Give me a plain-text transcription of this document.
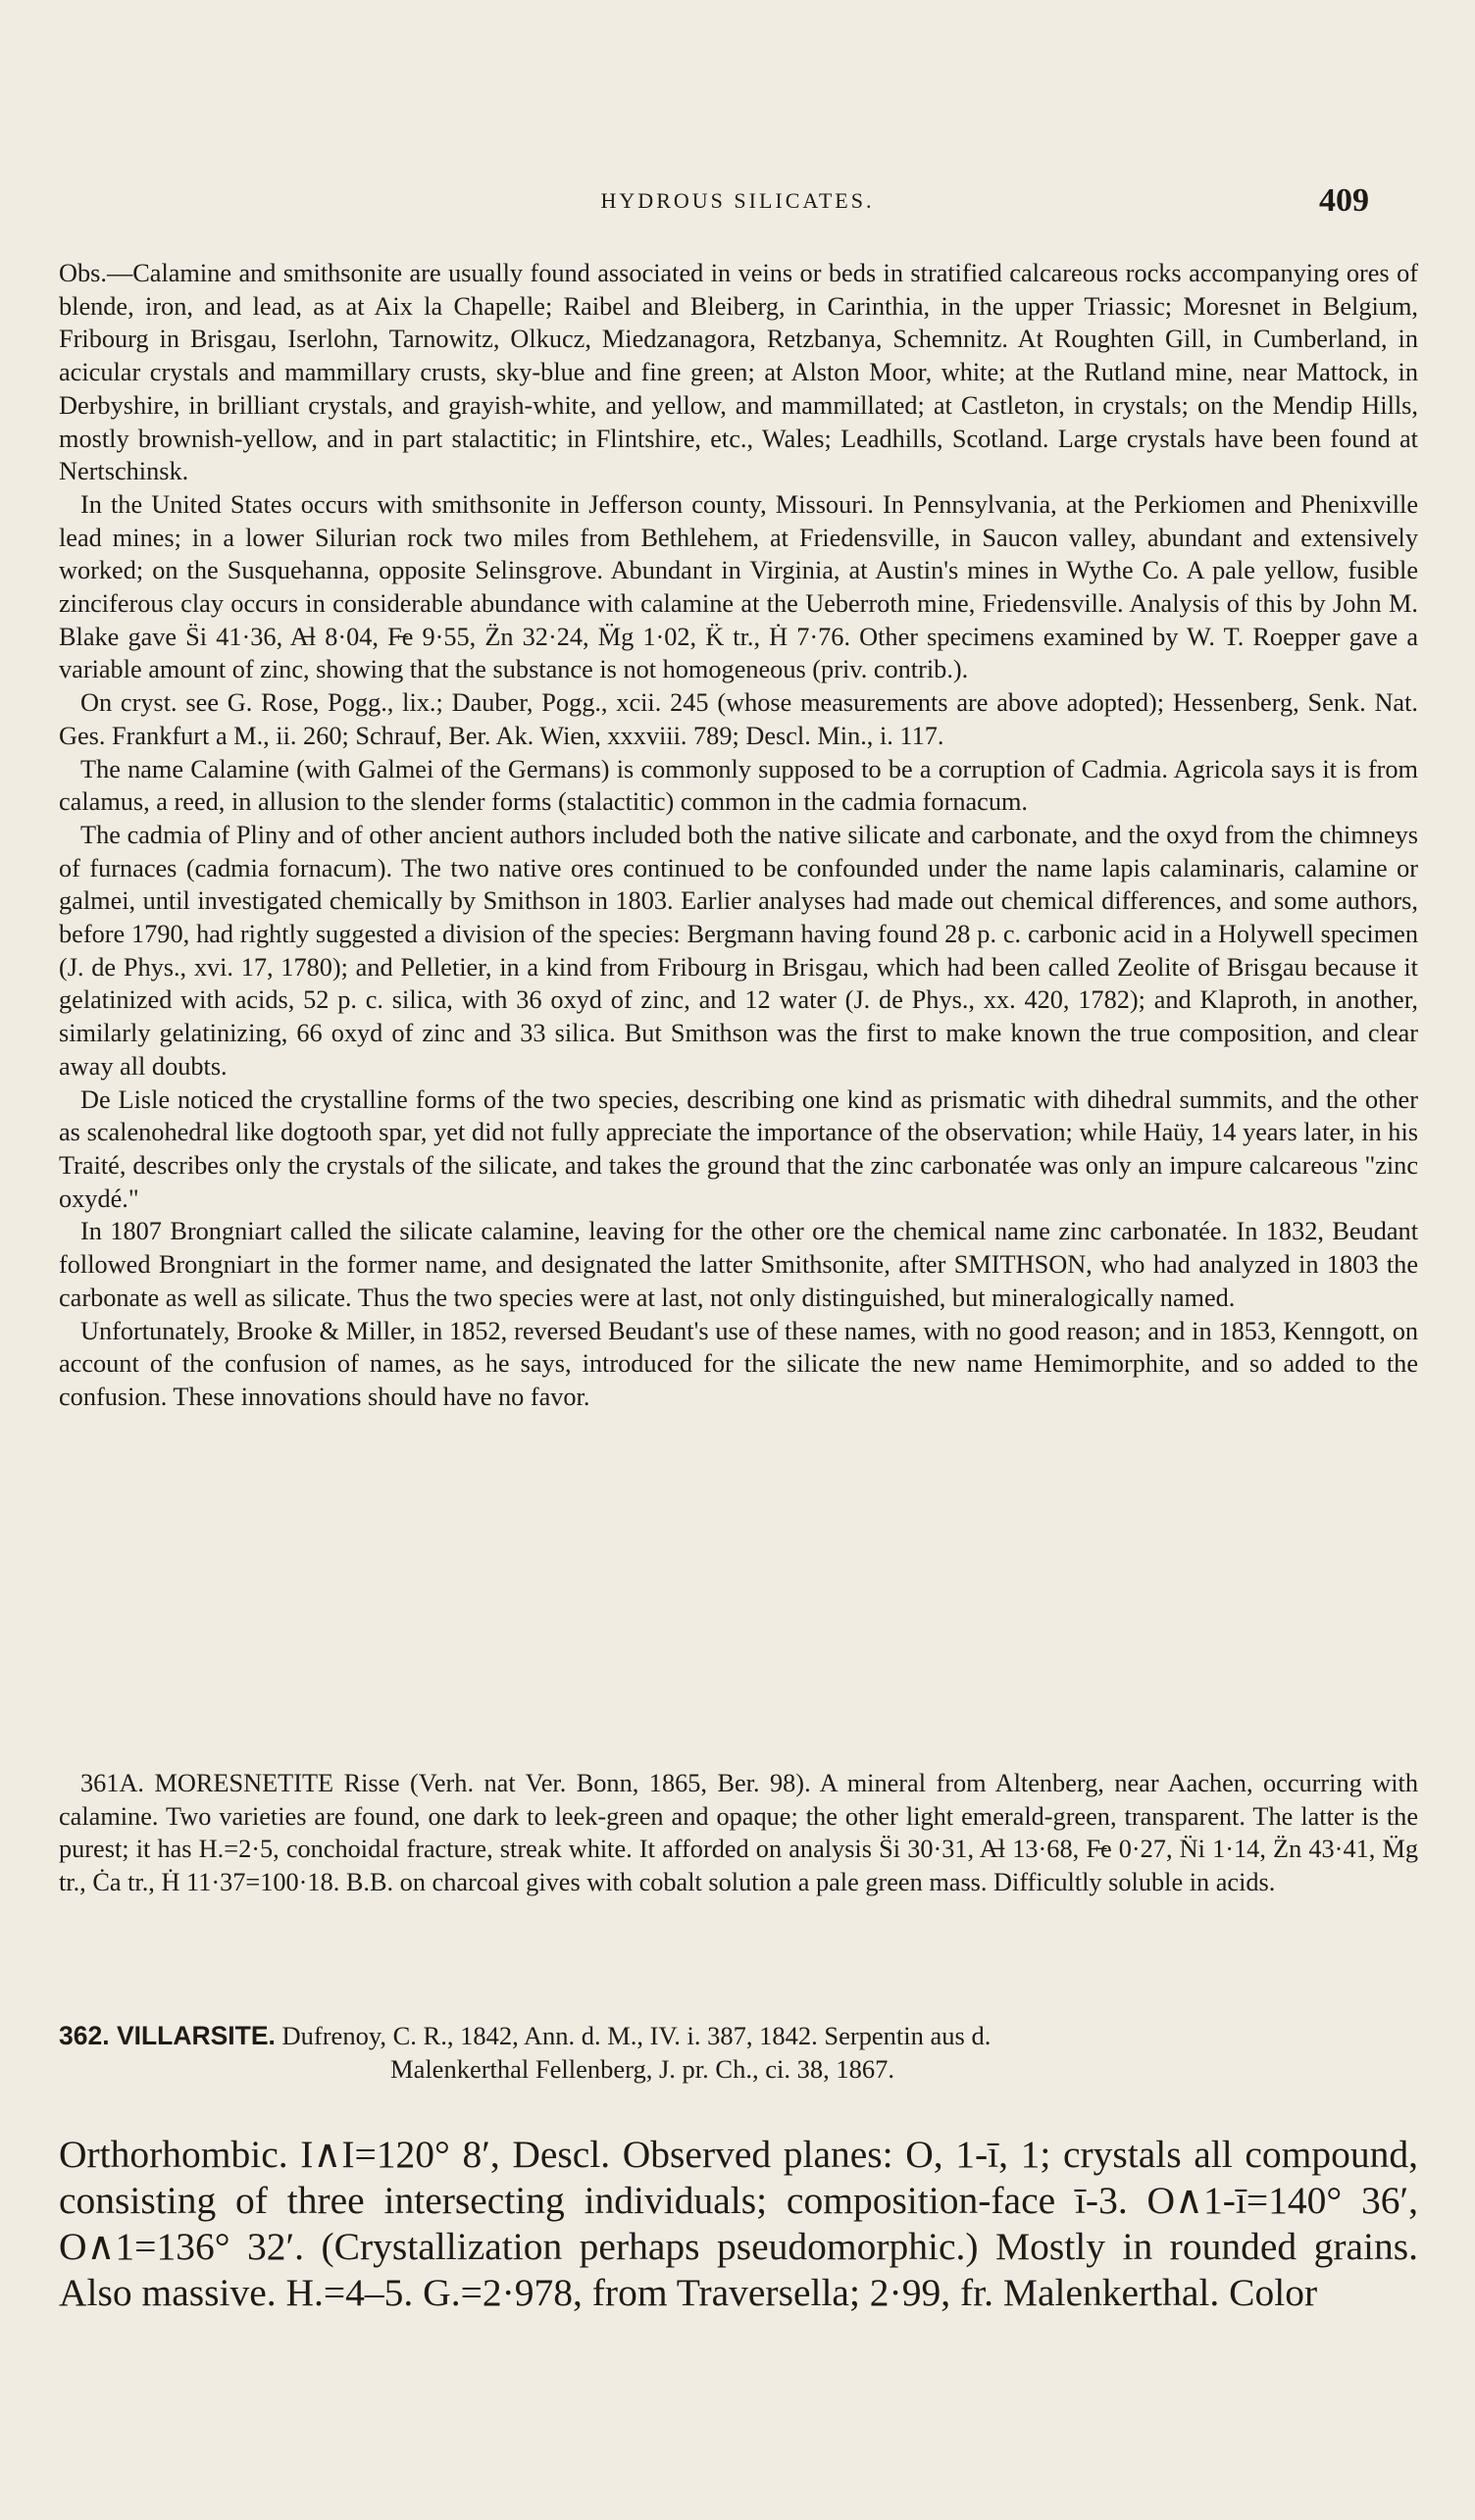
HYDROUS SILICATES.	409

Obs.—Calamine and smithsonite are usually found associated in veins or beds in stratified calcareous rocks accompanying ores of blende, iron, and lead, as at Aix la Chapelle; Raibel and Bleiberg, in Carinthia, in the upper Triassic; Moresnet in Belgium, Fribourg in Brisgau, Iserlohn, Tarnowitz, Olkucz, Miedzanagora, Retzbanya, Schemnitz. At Roughten Gill, in Cumberland, in acicular crystals and mammillary crusts, sky-blue and fine green; at Alston Moor, white; at the Rutland mine, near Mattock, in Derbyshire, in brilliant crystals, and grayish-white, and yellow, and mammillated; at Castleton, in crystals; on the Mendip Hills, mostly brownish-yellow, and in part stalactitic; in Flintshire, etc., Wales; Leadhills, Scotland. Large crystals have been found at Nertschinsk.

In the United States occurs with smithsonite in Jefferson county, Missouri. In Pennsylvania, at the Perkiomen and Phenixville lead mines; in a lower Silurian rock two miles from Bethlehem, at Friedensville, in Saucon valley, abundant and extensively worked; on the Susquehanna, opposite Selinsgrove. Abundant in Virginia, at Austin's mines in Wythe Co. A pale yellow, fusible zinciferous clay occurs in considerable abundance with calamine at the Ueberroth mine, Friedensville. Analysis of this by John M. Blake gave S̈i 41·36, A̶l 8·04, F̶e 9·55, Z̈n 32·24, M̈g 1·02, K̈ tr., Ḣ 7·76. Other specimens examined by W. T. Roepper gave a variable amount of zinc, showing that the substance is not homogeneous (priv. contrib.).

On cryst. see G. Rose, Pogg., lix.; Dauber, Pogg., xcii. 245 (whose measurements are above adopted); Hessenberg, Senk. Nat. Ges. Frankfurt a M., ii. 260; Schrauf, Ber. Ak. Wien, xxxviii. 789; Descl. Min., i. 117.

The name Calamine (with Galmei of the Germans) is commonly supposed to be a corruption of Cadmia. Agricola says it is from calamus, a reed, in allusion to the slender forms (stalactitic) common in the cadmia fornacum.

The cadmia of Pliny and of other ancient authors included both the native silicate and carbonate, and the oxyd from the chimneys of furnaces (cadmia fornacum). The two native ores continued to be confounded under the name lapis calaminaris, calamine or galmei, until investigated chemically by Smithson in 1803. Earlier analyses had made out chemical differences, and some authors, before 1790, had rightly suggested a division of the species: Bergmann having found 28 p. c. carbonic acid in a Holywell specimen (J. de Phys., xvi. 17, 1780); and Pelletier, in a kind from Fribourg in Brisgau, which had been called Zeolite of Brisgau because it gelatinized with acids, 52 p. c. silica, with 36 oxyd of zinc, and 12 water (J. de Phys., xx. 420, 1782); and Klaproth, in another, similarly gelatinizing, 66 oxyd of zinc and 33 silica. But Smithson was the first to make known the true composition, and clear away all doubts.

De Lisle noticed the crystalline forms of the two species, describing one kind as prismatic with dihedral summits, and the other as scalenohedral like dogtooth spar, yet did not fully appreciate the importance of the observation; while Haüy, 14 years later, in his Traité, describes only the crystals of the silicate, and takes the ground that the zinc carbonatée was only an impure calcareous "zinc oxydé."

In 1807 Brongniart called the silicate calamine, leaving for the other ore the chemical name zinc carbonatée. In 1832, Beudant followed Brongniart in the former name, and designated the latter Smithsonite, after SMITHSON, who had analyzed in 1803 the carbonate as well as silicate. Thus the two species were at last, not only distinguished, but mineralogically named.

Unfortunately, Brooke & Miller, in 1852, reversed Beudant's use of these names, with no good reason; and in 1853, Kenngott, on account of the confusion of names, as he says, introduced for the silicate the new name Hemimorphite, and so added to the confusion. These innovations should have no favor.

361A. MORESNETITE Risse (Verh. nat Ver. Bonn, 1865, Ber. 98). A mineral from Altenberg, near Aachen, occurring with calamine. Two varieties are found, one dark to leek-green and opaque; the other light emerald-green, transparent. The latter is the purest; it has H.=2·5, conchoidal fracture, streak white. It afforded on analysis S̈i 30·31, A̶l 13·68, F̶e 0·27, N̈i 1·14, Z̈n 43·41, M̈g tr., Ċa tr., Ḣ 11·37=100·18. B.B. on charcoal gives with cobalt solution a pale green mass. Difficultly soluble in acids.

362. VILLARSITE. Dufrenoy, C. R., 1842, Ann. d. M., IV. i. 387, 1842. Serpentin aus d.

Malenkerthal Fellenberg, J. pr. Ch., ci. 38, 1867.

Orthorhombic. I∧I=120° 8′, Descl. Observed planes: O, 1-ī, 1; crystals all compound, consisting of three intersecting individuals; composition-face ī-3. O∧1-ī=140° 36′, O∧1=136° 32′. (Crystallization perhaps pseudomorphic.) Mostly in rounded grains. Also massive. H.=4–5. G.=2·978, from Traversella; 2·99, fr. Malenkerthal. Color
